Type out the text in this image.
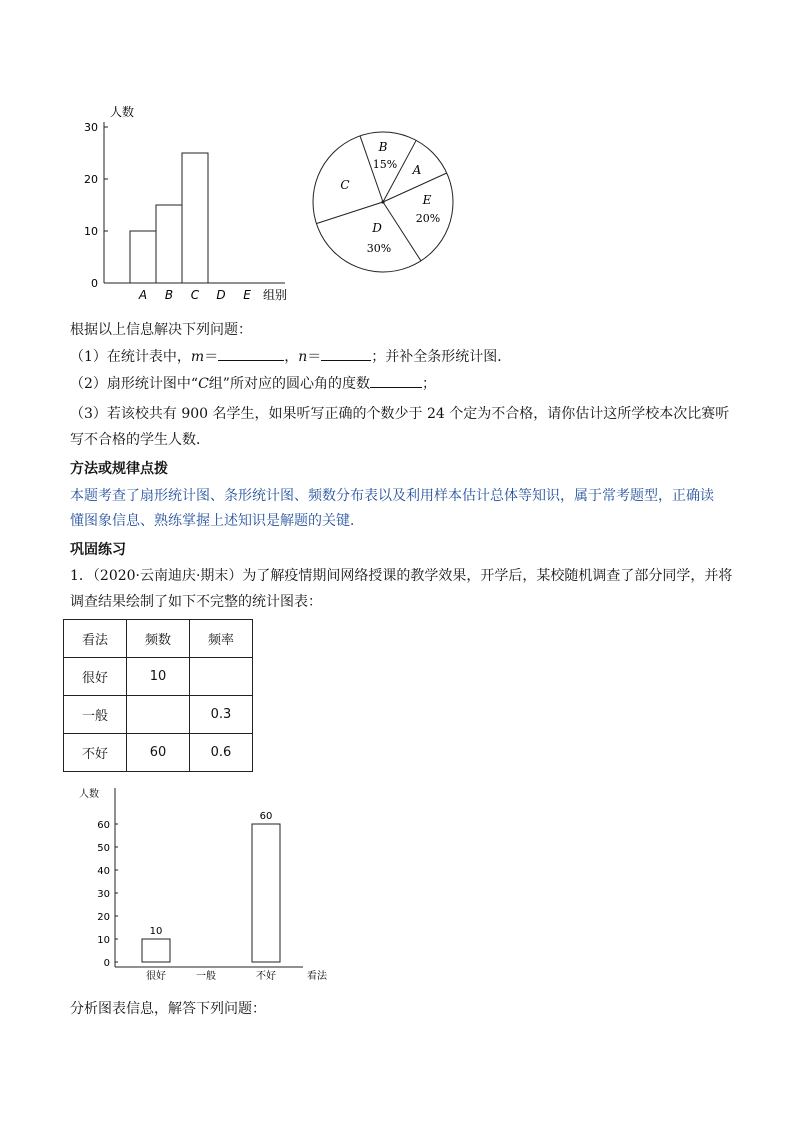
人数
组别
0
10
20
30
A B C D E
B
15% A
E
20%
D
30%
C
根据以上信息解决下列问题：
（1）在统计表中，m＝	，n＝	；并补全条形统计图．
（2）扇形统计图中“C组”所对应的圆心角的度数	；
（3）若该校共有 900 名学生，如果听写正确的个数少于 24 个定为不合格，请你估计这所学校本次比赛听
写不合格的学生人数．
方法或规律点拨
本题考查了扇形统计图、条形统计图、频数分布表以及利用样本估计总体等知识，属于常考题型，正确读
懂图象信息、熟练掌握上述知识是解题的关键．
巩固练习
1．（2020·云南迪庆·期末）为了解疫情期间网络授课的教学效果，开学后，某校随机调查了部分同学，并将
调查结果绘制了如下不完整的统计图表：
看法	频数	频率
很好	10	
一般		0.3
不好	60	0.6
人数
看法
0
10
20
30
40
50
60
10
60
很好	一般	不好
分析图表信息，解答下列问题：
